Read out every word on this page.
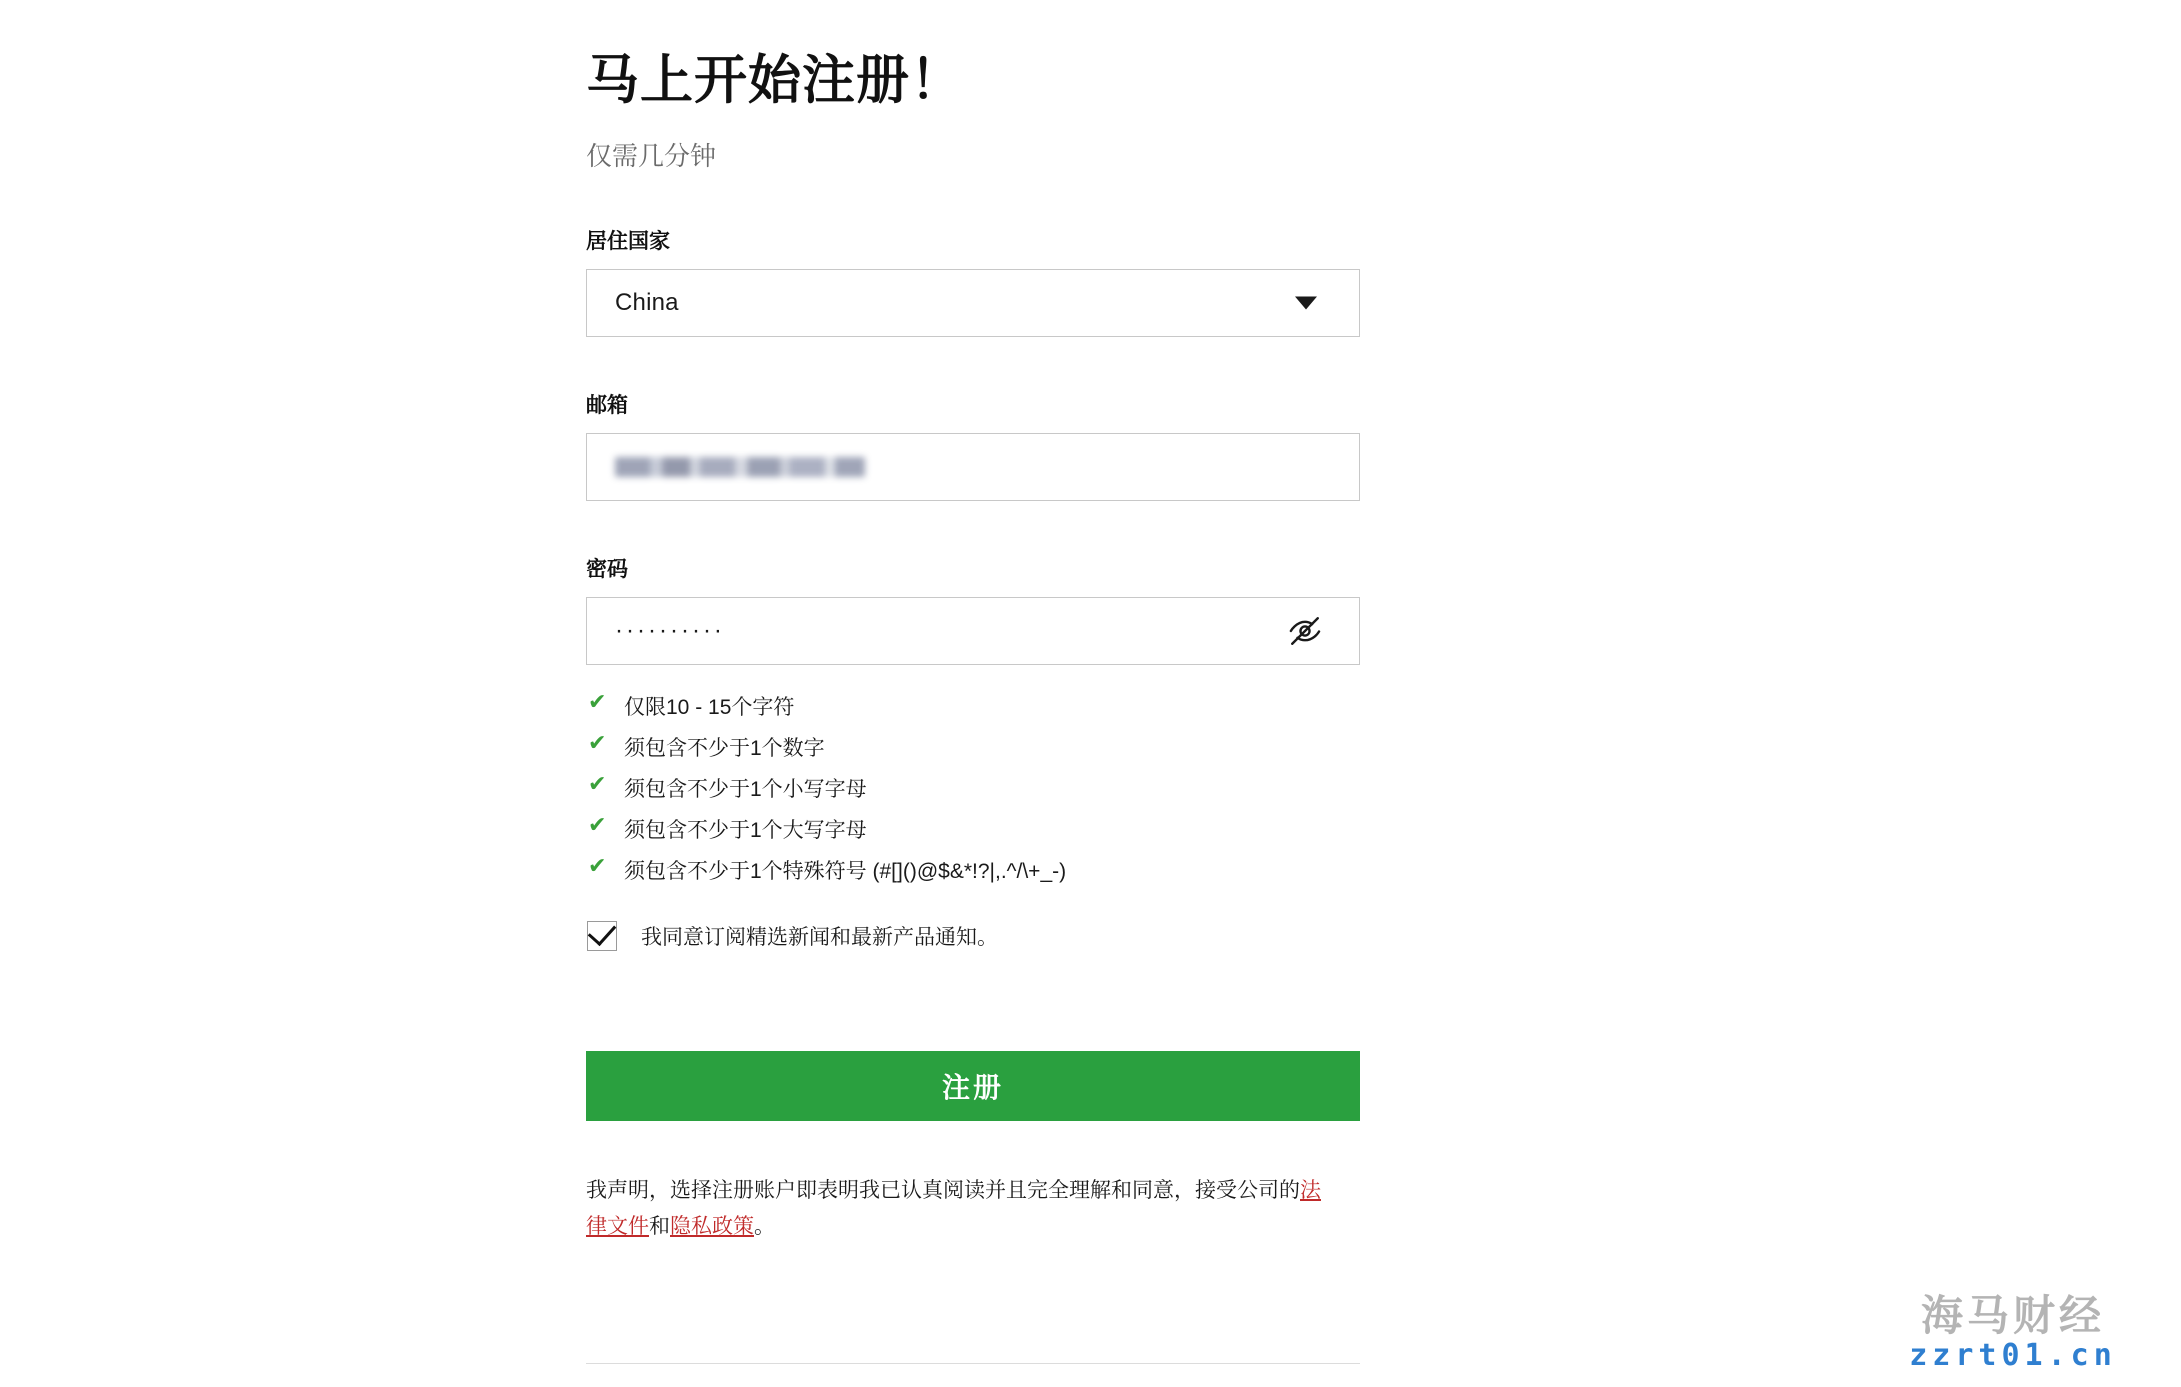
马上开始注册！

仅需几分钟

居住国家
China
邮箱
密码
··········
✔ 仅限10 - 15个字符
✔ 须包含不少于1个数字
✔ 须包含不少于1个小写字母
✔ 须包含不少于1个大写字母
✔ 须包含不少于1个特殊符号 (#[]()@$&*!?|,.^/\+_-)
我同意订阅精选新闻和最新产品通知。
注册
我声明，选择注册账户即表明我已认真阅读并且完全理解和同意，接受公司的法律文件和隐私政策。
海马财经
zzrt01.cn
